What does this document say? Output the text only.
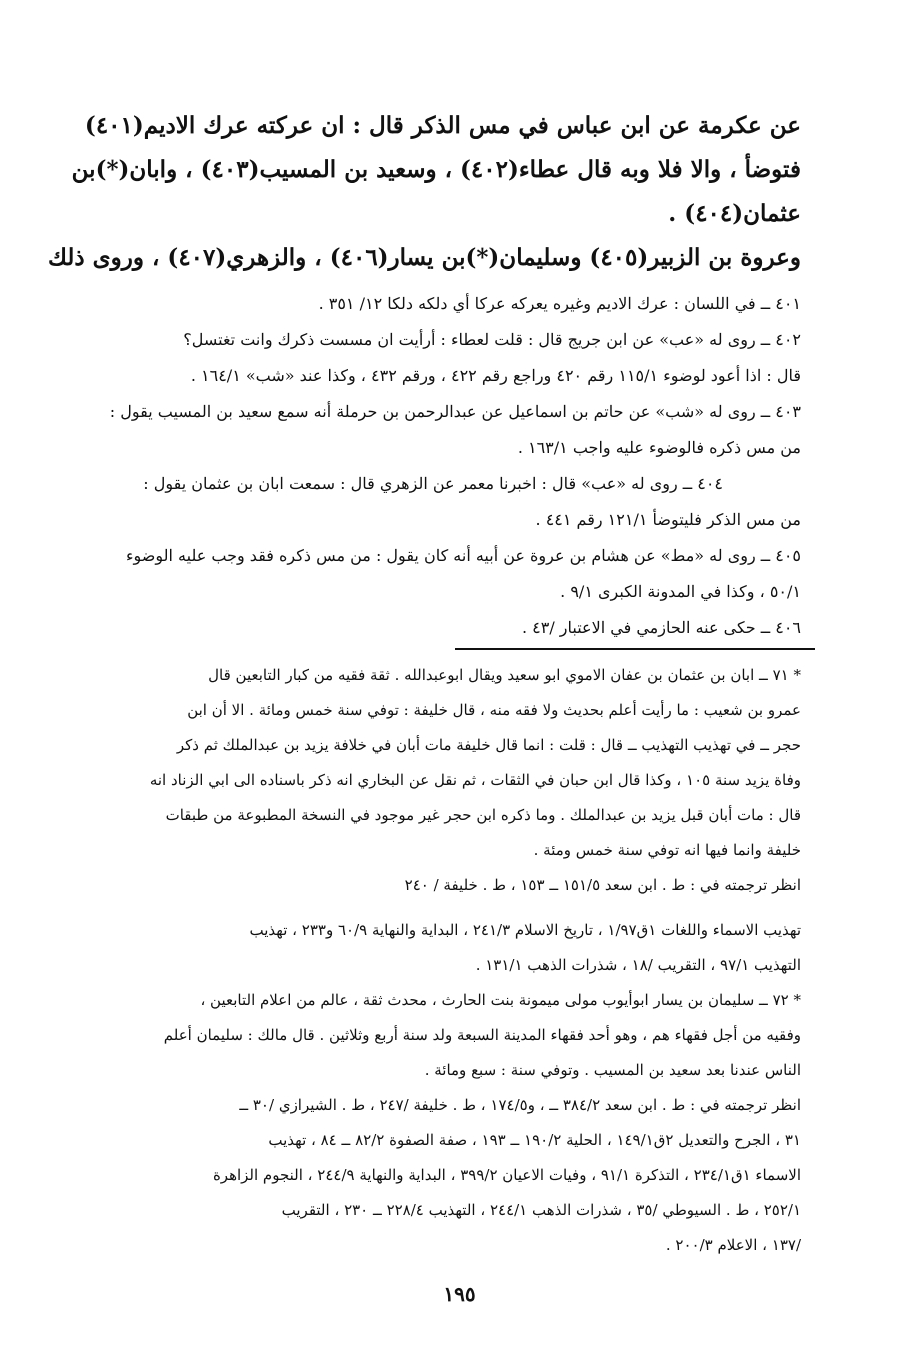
عن عكرمة عن ابن عباس في مس الذكر قال : ان عركته عرك الاديم(٤٠١)
فتوضأ ، والا فلا وبه قال عطاء(٤٠٢) ، وسعيد بن المسيب(٤٠٣) ، وابان(*)بن
عثمان(٤٠٤) .
وعروة بن الزبير(٤٠٥) وسليمان(*)بن يسار(٤٠٦) ، والزهري(٤٠٧) ، وروى ذلك
٤٠١ ــ في اللسان : عرك الاديم وغيره يعركه عركا أي دلكه دلكا ١٢/ ٣٥١ .
٤٠٢ ــ روى له «عب» عن ابن جريج قال : قلت لعطاء : أرأيت ان مسست ذكرك وانت تغتسل؟
قال : اذا أعود لوضوء ١١٥/١ رقم ٤٢٠ وراجع رقم ٤٢٢ ، ورقم ٤٣٢ ، وكذا عند «شب» ١٦٤/١ .
٤٠٣ ــ روى له «شب» عن حاتم بن اسماعيل عن عبدالرحمن بن حرملة أنه سمع سعيد بن المسيب يقول :
من مس ذكره فالوضوء عليه واجب ١٦٣/١ .
٤٠٤ ــ روى له «عب» قال : اخبرنا معمر عن الزهري قال : سمعت ابان بن عثمان يقول :
من مس الذكر فليتوضأ ١٢١/١ رقم ٤٤١ .
٤٠٥ ــ روى له «مط» عن هشام بن عروة عن أبيه أنه كان يقول : من مس ذكره فقد وجب عليه الوضوء
٥٠/١ ، وكذا في المدونة الكبرى ٩/١ .
٤٠٦ ــ حكى عنه الحازمي في الاعتبار /٤٣ .
* ٧١ ــ ابان بن عثمان بن عفان الاموي ابو سعيد ويقال ابوعبدالله . ثقة فقيه من كبار التابعين قال
عمرو بن شعيب : ما رأيت أعلم بحديث ولا فقه منه ، قال خليفة : توفي سنة خمس ومائة . الا أن ابن
حجر ــ في تهذيب التهذيب ــ قال : قلت : انما قال خليفة مات أبان في خلافة يزيد بن عبدالملك ثم ذكر
وفاة يزيد سنة ١٠٥ ، وكذا قال ابن حبان في الثقات ، ثم نقل عن البخاري انه ذكر باسناده الى ابي الزناد انه
قال : مات أبان قبل يزيد بن عبدالملك . وما ذكره ابن حجر غير موجود في النسخة المطبوعة من طبقات
خليفة وانما فيها انه توفي سنة خمس ومئة .
انظر ترجمته في : ط . ابن سعد ١٥١/٥ ــ ١٥٣ ، ط . خليفة / ٢٤٠
تهذيب الاسماء واللغات ١ق١/٩٧ ، تاريخ الاسلام ٢٤١/٣ ، البداية والنهاية ٦٠/٩ و٢٣٣ ، تهذيب
التهذيب ٩٧/١ ، التقريب /١٨ ، شذرات الذهب ١٣١/١ .
* ٧٢ ــ سليمان بن يسار ابوأيوب مولى ميمونة بنت الحارث ، محدث ثقة ، عالم من اعلام التابعين ،
وفقيه من أجل فقهاء هم ، وهو أحد فقهاء المدينة السبعة ولد سنة أربع وثلاثين . قال مالك : سليمان أعلم
الناس عندنا بعد سعيد بن المسيب . وتوفي سنة : سبع ومائة .
انظر ترجمته في : ط . ابن سعد ٣٨٤/٢ ــ ، و١٧٤/٥ ، ط . خليفة /٢٤٧ ، ط . الشيرازي /٣٠ ــ
٣١ ، الجرح والتعديل ٢ق١٤٩/١ ، الحلية ١٩٠/٢ ــ ١٩٣ ، صفة الصفوة ٨٢/٢ ــ ٨٤ ، تهذيب
الاسماء ١ق٢٣٤/١ ، التذكرة ٩١/١ ، وفيات الاعيان ٣٩٩/٢ ، البداية والنهاية ٢٤٤/٩ ، النجوم الزاهرة
٢٥٢/١ ، ط . السيوطي /٣٥ ، شذرات الذهب ٢٤٤/١ ، التهذيب ٢٢٨/٤ ــ ٢٣٠ ، التقريب
/١٣٧ ، الاعلام ٢٠٠/٣ .
١٩٥
